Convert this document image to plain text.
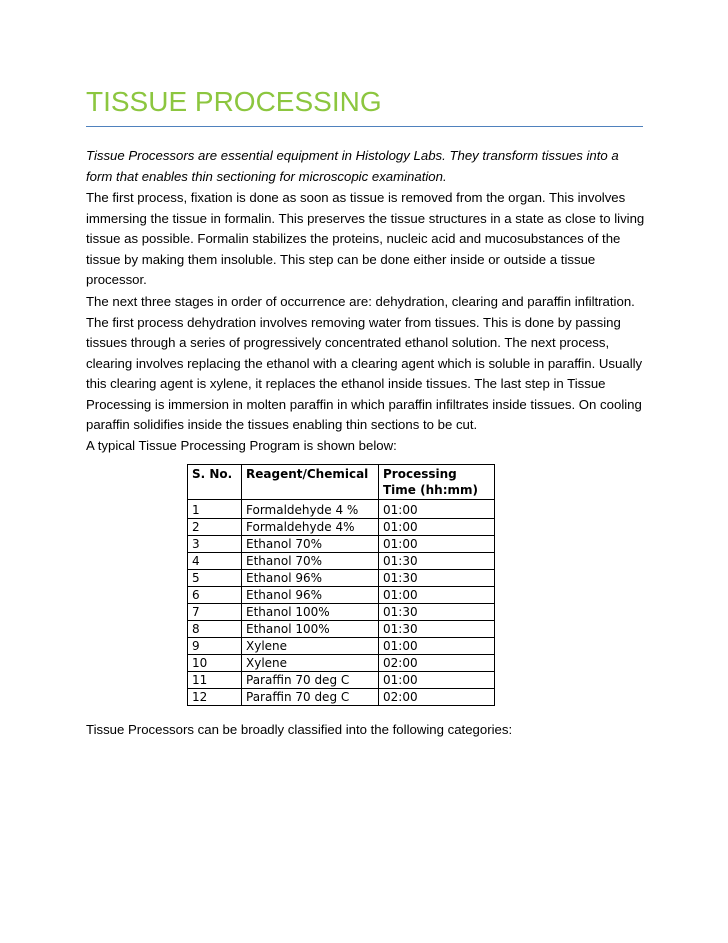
TISSUE PROCESSING
Tissue Processors are essential equipment in Histology Labs. They transform tissues into a form that enables thin sectioning for microscopic examination.
The first process, fixation is done as soon as tissue is removed from the organ. This involves immersing the tissue in formalin. This preserves the tissue structures in a state as close to living tissue as possible. Formalin stabilizes the proteins, nucleic acid and mucosubstances of the tissue by making them insoluble. This step can be done either inside or outside a tissue processor.
The next three stages in order of occurrence are: dehydration, clearing and paraffin infiltration. The first process dehydration involves removing water from tissues. This is done by passing tissues through a series of progressively concentrated ethanol solution. The next process, clearing involves replacing the ethanol with a clearing agent which is soluble in paraffin. Usually this clearing agent is xylene, it replaces the ethanol inside tissues. The last step in Tissue Processing is immersion in molten paraffin in which paraffin infiltrates inside tissues. On cooling paraffin solidifies inside the tissues enabling thin sections to be cut.
A typical Tissue Processing Program is shown below:
S. No.	Reagent/Chemical	Processing Time (hh:mm)
1	Formaldehyde 4 %	01:00
2	Formaldehyde 4%	01:00
3	Ethanol 70%	01:00
4	Ethanol 70%	01:30
5	Ethanol 96%	01:30
6	Ethanol 96%	01:00
7	Ethanol 100%	01:30
8	Ethanol 100%	01:30
9	Xylene	01:00
10	Xylene	02:00
11	Paraffin 70 deg C	01:00
12	Paraffin 70 deg C	02:00
Tissue Processors can be broadly classified into the following categories:
